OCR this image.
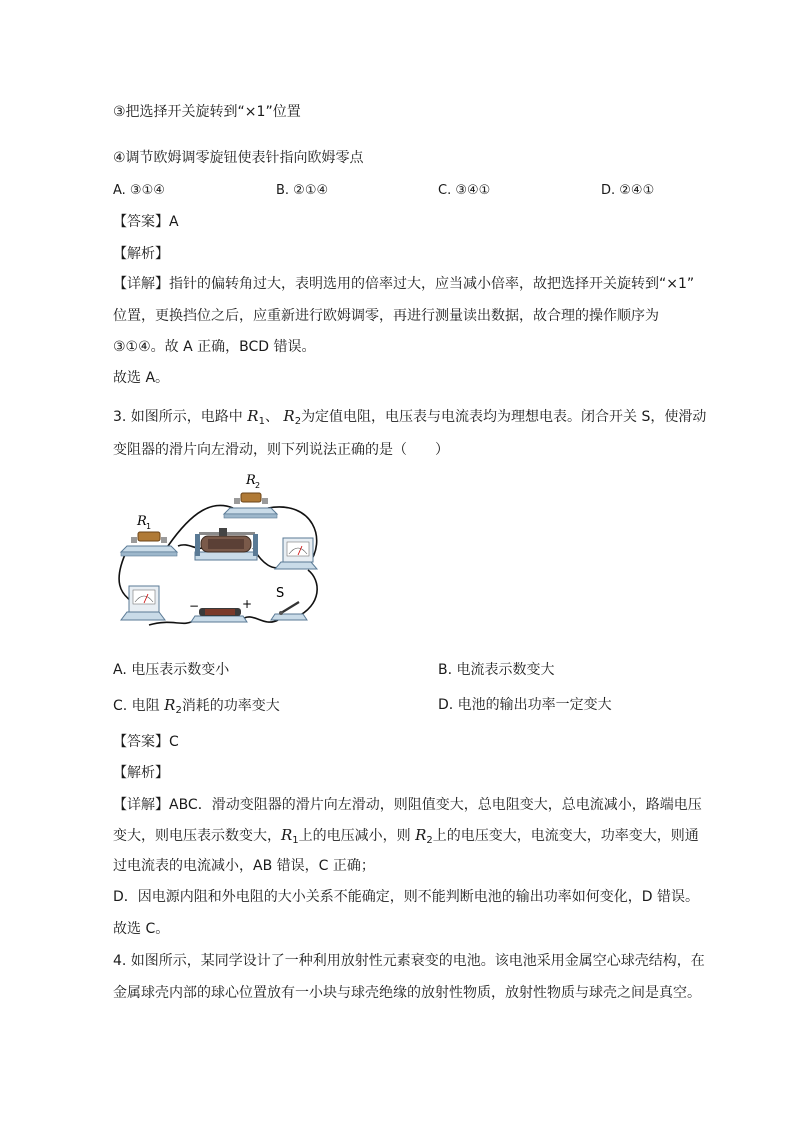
③把选择开关旋转到“×1”位置
④调节欧姆调零旋钮使表针指向欧姆零点
A. ③①④	B. ②①④	C. ③④①	D. ②④①
【答案】A
【解析】
【详解】指针的偏转角过大，表明选用的倍率过大，应当减小倍率，故把选择开关旋转到“×1”
位置，更换挡位之后，应重新进行欧姆调零，再进行测量读出数据，故合理的操作顺序为
③①④。故 A 正确，BCD 错误。
故选 A。
3. 如图所示，电路中 $R_1$、 $R_2$为定值电阻，电压表与电流表均为理想电表。闭合开关 S，使滑动
变阻器的滑片向左滑动，则下列说法正确的是（　　）
R 2
R 1
−	+
S
A. 电压表示数变小	B. 电流表示数变大
C. 电阻 $R_2$消耗的功率变大	D. 电池的输出功率一定变大
【答案】C
【解析】
【详解】ABC．滑动变阻器的滑片向左滑动，则阻值变大，总电阻变大，总电流减小，路端电压
变大，则电压表示数变大，$R_1$上的电压减小，则 $R_2$上的电压变大，电流变大，功率变大，则通
过电流表的电流减小，AB 错误，C 正确；
D．因电源内阻和外电阻的大小关系不能确定，则不能判断电池的输出功率如何变化，D 错误。
故选 C。
4. 如图所示，某同学设计了一种利用放射性元素衰变的电池。该电池采用金属空心球壳结构，在
金属球壳内部的球心位置放有一小块与球壳绝缘的放射性物质，放射性物质与球壳之间是真空。
